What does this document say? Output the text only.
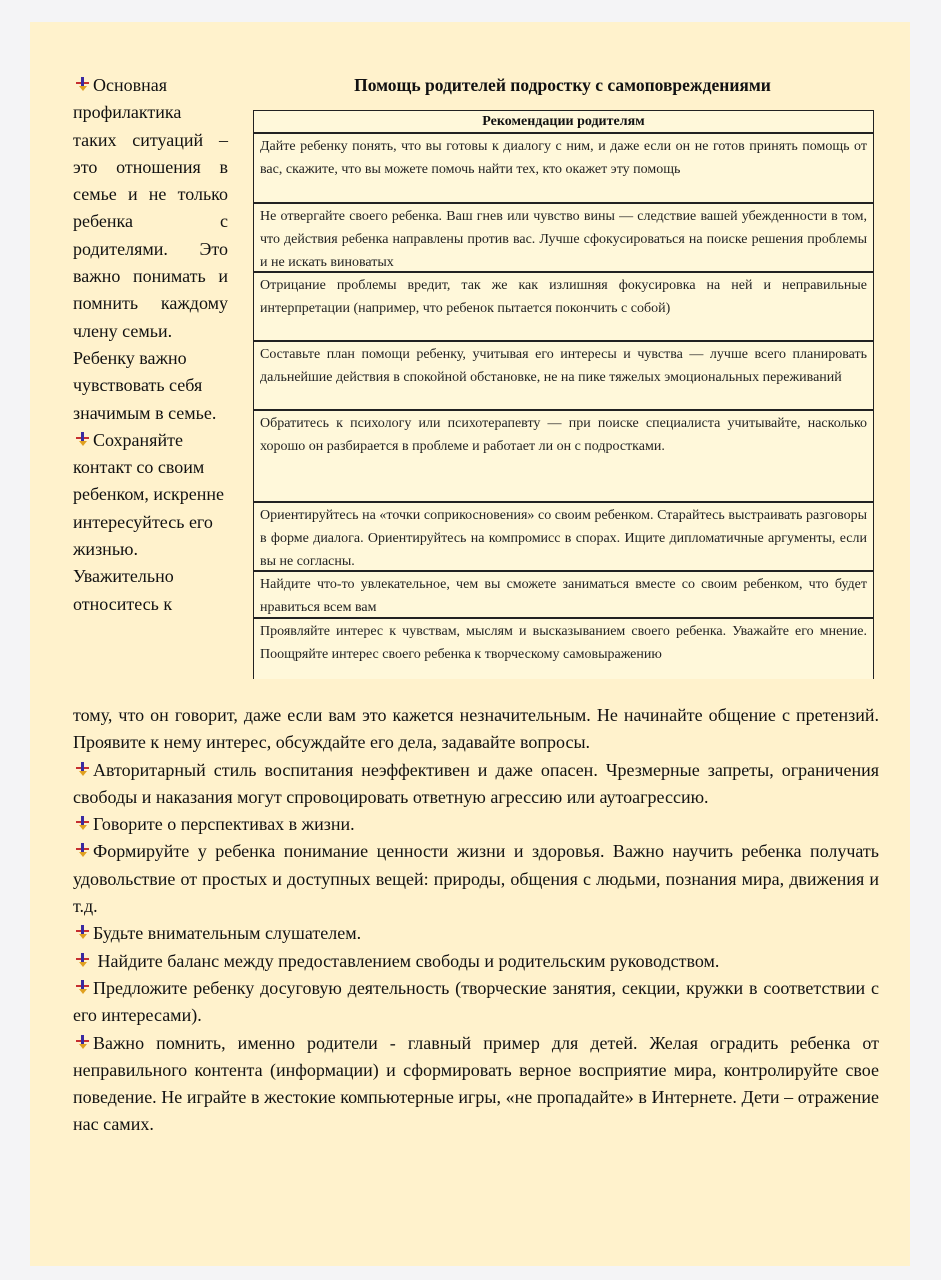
Основная профилактика таких ситуаций – это отношения в семье и не только ребенка с родителями. Это важно понимать и помнить каждому члену семьи.

Ребенку важно чувствовать себя значимым в семье.

Сохраняйте контакт со своим ребенком, искренне интересуйтесь его жизнью. Уважительно относитесь к

Помощь родителей подростку с самоповреждениями
Рекомендации родителям
Дайте ребенку понять, что вы готовы к диалогу с ним, и даже если он не готов принять помощь от вас, скажите, что вы можете помочь найти тех, кто окажет эту помощь
Не отвергайте своего ребенка. Ваш гнев или чувство вины — следствие вашей убежденности в том, что действия ребенка направлены против вас. Лучше сфокусироваться на поиске решения проблемы и не искать виноватых
Отрицание проблемы вредит, так же как излишняя фокусировка на ней и неправильные интерпретации (например, что ребенок пытается покончить с собой)
Составьте план помощи ребенку, учитывая его интересы и чувства — лучше всего планировать дальнейшие действия в спокойной обстановке, не на пике тяжелых эмоциональных переживаний
Обратитесь к психологу или психотерапевту — при поиске специалиста учитывайте, насколько хорошо он разбирается в проблеме и работает ли он с подростками.
Ориентируйтесь на «точки соприкосновения» со своим ребенком. Старайтесь выстраивать разговоры в форме диалога. Ориентируйтесь на компромисс в спорах. Ищите дипломатичные аргументы, если вы не согласны.
Найдите что-то увлекательное, чем вы сможете заниматься вместе со своим ребенком, что будет нравиться всем вам
Проявляйте интерес к чувствам, мыслям и высказыванием своего ребенка. Уважайте его мнение. Поощряйте интерес своего ребенка к творческому самовыражению

тому, что он говорит, даже если вам это кажется незначительным. Не начинайте общение с претензий. Проявите к нему интерес, обсуждайте его дела, задавайте вопросы.

Авторитарный стиль воспитания неэффективен и даже опасен. Чрезмерные запреты, ограничения свободы и наказания могут спровоцировать ответную агрессию или аутоагрессию.

Говорите о перспективах в жизни.

Формируйте у ребенка понимание ценности жизни и здоровья. Важно научить ребенка получать удовольствие от простых и доступных вещей: природы, общения с людьми, познания мира, движения и т.д.

Будьте внимательным слушателем.

Найдите баланс между предоставлением свободы и родительским руководством.

Предложите ребенку досуговую деятельность (творческие занятия, секции, кружки в соответствии с его интересами).

Важно помнить, именно родители - главный пример для детей. Желая оградить ребенка от неправильного контента (информации) и сформировать верное восприятие мира, контролируйте свое поведение. Не играйте в жестокие компьютерные игры, «не пропадайте» в Интернете. Дети – отражение нас самих.
